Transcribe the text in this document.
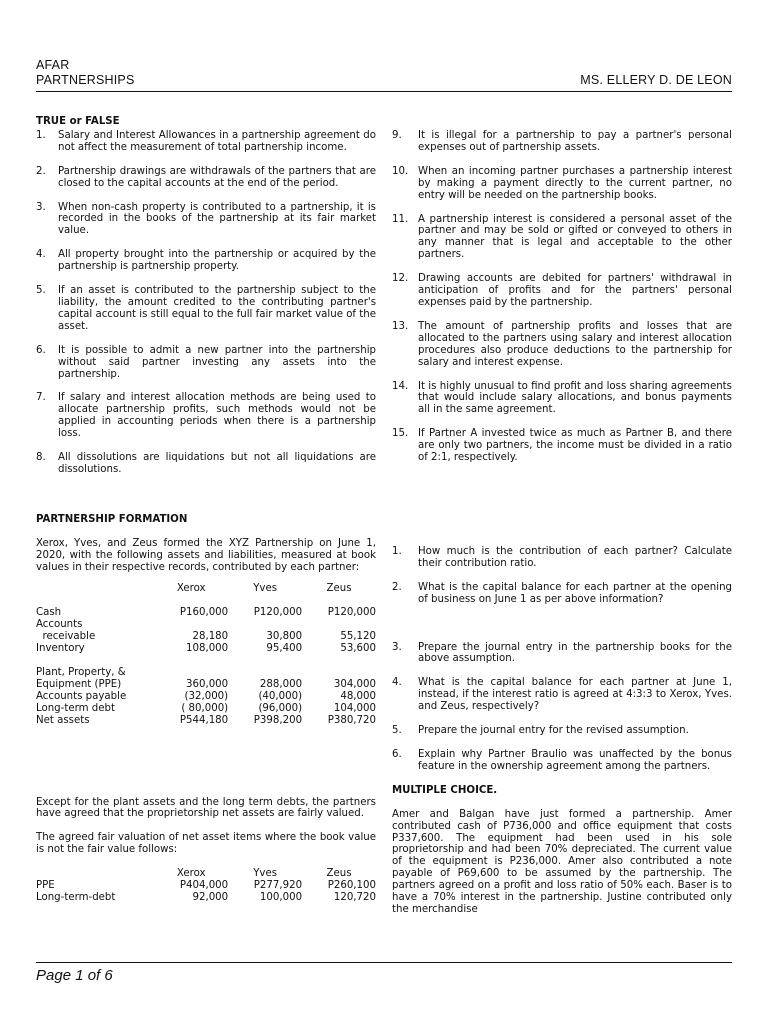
AFAR
PARTNERSHIPS	MS. ELLERY D. DE LEON
TRUE or FALSE
1.	Salary and Interest Allowances in a partnership agreement do not affect the measurement of total partnership income.
2.	Partnership drawings are withdrawals of the partners that are closed to the capital accounts at the end of the period.
3.	When non-cash property is contributed to a partnership, it is recorded in the books of the partnership at its fair market value.
4.	All property brought into the partnership or acquired by the partnership is partnership property.
5.	If an asset is contributed to the partnership subject to the liability, the amount credited to the contributing partner's capital account is still equal to the full fair market value of the asset.
6.	It is possible to admit a new partner into the partnership without said partner investing any assets into the partnership.
7.	If salary and interest allocation methods are being used to allocate partnership profits, such methods would not be applied in accounting periods when there is a partnership loss.
8.	All dissolutions are liquidations but not all liquidations are dissolutions.
PARTNERSHIP FORMATION
Xerox, Yves, and Zeus formed the XYZ Partnership on June 1, 2020, with the following assets and liabilities, measured at book values in their respective records, contributed by each partner:
	Xerox	Yves	Zeus

Cash	P160,000	P120,000	P120,000
Accounts			
receivable	28,180	30,800	55,120
Inventory	108,000	95,400	53,600

Plant, Property, &			
Equipment (PPE)	360,000	288,000	304,000
Accounts payable	(32,000)	(40,000)	48,000
Long-term debt	( 80,000)	(96,000)	104,000
Net assets	P544,180	P398,200	P380,720
Except for the plant assets and the long term debts, the partners have agreed that the proprietorship net assets are fairly valued.
The agreed fair valuation of net asset items where the book value is not the fair value follows:
	Xerox	Yves	Zeus
PPE	P404,000	P277,920	P260,100
Long-term-debt	92,000	100,000	120,720
9.	It is illegal for a partnership to pay a partner's personal expenses out of partnership assets.
10. When an incoming partner purchases a partnership interest by making a payment directly to the current partner, no entry will be needed on the partnership books.
11. A partnership interest is considered a personal asset of the partner and may be sold or gifted or conveyed to others in any manner that is legal and acceptable to the other partners.
12. Drawing accounts are debited for partners' withdrawal in anticipation of profits and for the partners' personal expenses paid by the partnership.
13. The amount of partnership profits and losses that are allocated to the partners using salary and interest allocation procedures also produce deductions to the partnership for salary and interest expense.
14. It is highly unusual to find profit and loss sharing agreements that would include salary allocations, and bonus payments all in the same agreement.
15. If Partner A invested twice as much as Partner B, and there are only two partners, the income must be divided in a ratio of 2:1, respectively.
1.	How much is the contribution of each partner? Calculate their contribution ratio.
2.	What is the capital balance for each partner at the opening of business on June 1 as per above information?
3.	Prepare the journal entry in the partnership books for the above assumption.
4.	What is the capital balance for each partner at June 1, instead, if the interest ratio is agreed at 4:3:3 to Xerox, Yves. and Zeus, respectively?
5.	Prepare the journal entry for the revised assumption.
6.	Explain why Partner Braulio was unaffected by the bonus feature in the ownership agreement among the partners.
MULTIPLE CHOICE.
Amer and Balgan have just formed a partnership. Amer contributed cash of P736,000 and office equipment that costs P337,600. The equipment had been used in his sole proprietorship and had been 70% depreciated. The current value of the equipment is P236,000. Amer also contributed a note payable of P69,600 to be assumed by the partnership. The partners agreed on a profit and loss ratio of 50% each. Baser is to have a 70% interest in the partnership. Justine contributed only the merchandise
Page 1 of 6
